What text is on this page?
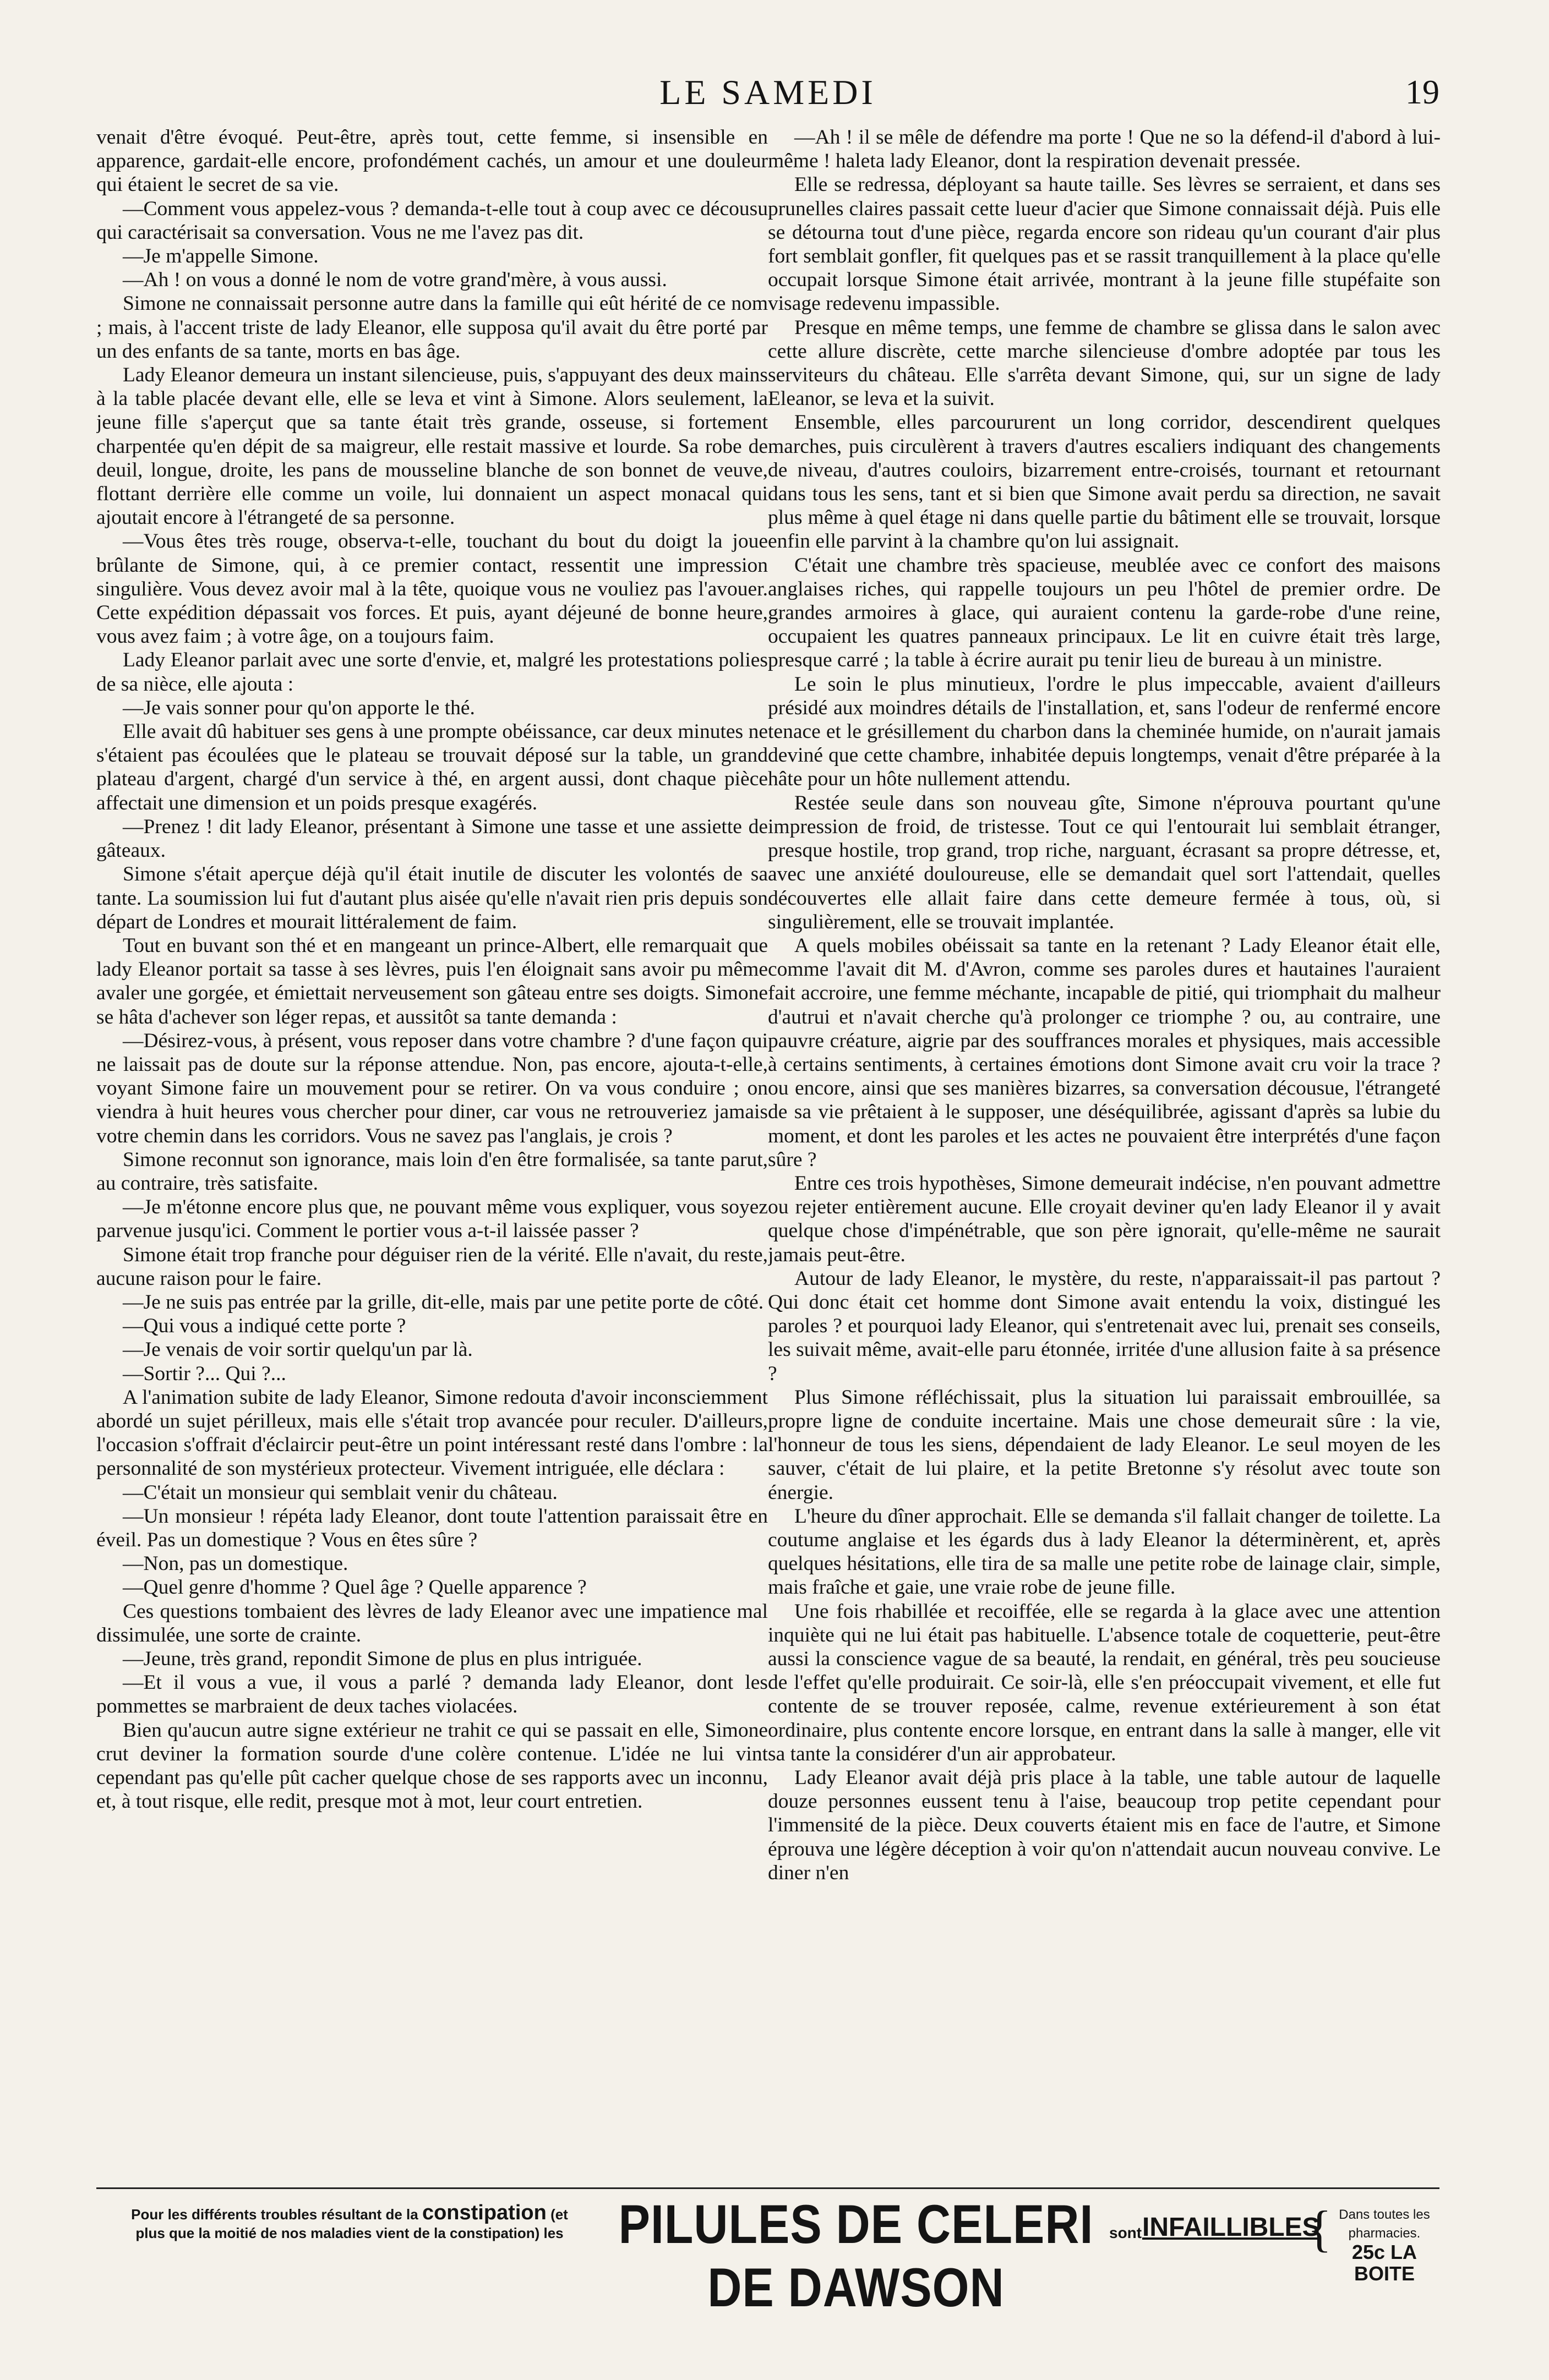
LE SAMEDI	19

venait d'être évoqué. Peut-être, après tout, cette femme, si insensible en apparence, gardait-elle encore, profondément cachés, un amour et une douleur qui étaient le secret de sa vie.

—Comment vous appelez-vous ? demanda-t-elle tout à coup avec ce décousu qui caractérisait sa conversation. Vous ne me l'avez pas dit.

—Je m'appelle Simone.

—Ah ! on vous a donné le nom de votre grand'mère, à vous aussi.

Simone ne connaissait personne autre dans la famille qui eût hérité de ce nom ; mais, à l'accent triste de lady Eleanor, elle supposa qu'il avait du être porté par un des enfants de sa tante, morts en bas âge.

Lady Eleanor demeura un instant silencieuse, puis, s'appuyant des deux mains à la table placée devant elle, elle se leva et vint à Simone. Alors seulement, la jeune fille s'aperçut que sa tante était très grande, osseuse, si fortement charpentée qu'en dépit de sa maigreur, elle restait massive et lourde. Sa robe de deuil, longue, droite, les pans de mousseline blanche de son bonnet de veuve, flottant derrière elle comme un voile, lui donnaient un aspect monacal qui ajoutait encore à l'étrangeté de sa personne.

—Vous êtes très rouge, observa-t-elle, touchant du bout du doigt la joue brûlante de Simone, qui, à ce premier contact, ressentit une impression singulière. Vous devez avoir mal à la tête, quoique vous ne vouliez pas l'avouer. Cette expédition dépassait vos forces. Et puis, ayant déjeuné de bonne heure, vous avez faim ; à votre âge, on a toujours faim.

Lady Eleanor parlait avec une sorte d'envie, et, malgré les protestations polies de sa nièce, elle ajouta :

—Je vais sonner pour qu'on apporte le thé.

Elle avait dû habituer ses gens à une prompte obéissance, car deux minutes ne s'étaient pas écoulées que le plateau se trouvait déposé sur la table, un grand plateau d'argent, chargé d'un service à thé, en argent aussi, dont chaque pièce affectait une dimension et un poids presque exagérés.

—Prenez ! dit lady Eleanor, présentant à Simone une tasse et une assiette de gâteaux.

Simone s'était aperçue déjà qu'il était inutile de discuter les volontés de sa tante. La soumission lui fut d'autant plus aisée qu'elle n'avait rien pris depuis son départ de Londres et mourait littéralement de faim.

Tout en buvant son thé et en mangeant un prince-Albert, elle remarquait que lady Eleanor portait sa tasse à ses lèvres, puis l'en éloignait sans avoir pu même avaler une gorgée, et émiettait nerveusement son gâteau entre ses doigts. Simone se hâta d'achever son léger repas, et aussitôt sa tante demanda :

—Désirez-vous, à présent, vous reposer dans votre chambre ? d'une façon qui ne laissait pas de doute sur la réponse attendue. Non, pas encore, ajouta-t-elle, voyant Simone faire un mouvement pour se retirer. On va vous conduire ; on viendra à huit heures vous chercher pour diner, car vous ne retrouveriez jamais votre chemin dans les corridors. Vous ne savez pas l'anglais, je crois ?

Simone reconnut son ignorance, mais loin d'en être formalisée, sa tante parut, au contraire, très satisfaite.

—Je m'étonne encore plus que, ne pouvant même vous expliquer, vous soyez parvenue jusqu'ici. Comment le portier vous a-t-il laissée passer ?

Simone était trop franche pour déguiser rien de la vérité. Elle n'avait, du reste, aucune raison pour le faire.

—Je ne suis pas entrée par la grille, dit-elle, mais par une petite porte de côté.

—Qui vous a indiqué cette porte ?

—Je venais de voir sortir quelqu'un par là.

—Sortir ?... Qui ?...

A l'animation subite de lady Eleanor, Simone redouta d'avoir inconsciemment abordé un sujet périlleux, mais elle s'était trop avancée pour reculer. D'ailleurs, l'occasion s'offrait d'éclaircir peut-être un point intéressant resté dans l'ombre : la personnalité de son mystérieux protecteur. Vivement intriguée, elle déclara :

—C'était un monsieur qui semblait venir du château.

—Un monsieur ! répéta lady Eleanor, dont toute l'attention paraissait être en éveil. Pas un domestique ? Vous en êtes sûre ?

—Non, pas un domestique.

—Quel genre d'homme ? Quel âge ? Quelle apparence ?

Ces questions tombaient des lèvres de lady Eleanor avec une impatience mal dissimulée, une sorte de crainte.

—Jeune, très grand, repondit Simone de plus en plus intriguée.

—Et il vous a vue, il vous a parlé ? demanda lady Eleanor, dont les pommettes se marbraient de deux taches violacées.

Bien qu'aucun autre signe extérieur ne trahit ce qui se passait en elle, Simone crut deviner la formation sourde d'une colère contenue. L'idée ne lui vint cependant pas qu'elle pût cacher quelque chose de ses rapports avec un inconnu, et, à tout risque, elle redit, presque mot à mot, leur court entretien.

—Ah ! il se mêle de défendre ma porte ! Que ne so la défend-il d'abord à lui-même ! haleta lady Eleanor, dont la respiration devenait pressée.

Elle se redressa, déployant sa haute taille. Ses lèvres se serraient, et dans ses prunelles claires passait cette lueur d'acier que Simone connaissait déjà. Puis elle se détourna tout d'une pièce, regarda encore son rideau qu'un courant d'air plus fort semblait gonfler, fit quelques pas et se rassit tranquillement à la place qu'elle occupait lorsque Simone était arrivée, montrant à la jeune fille stupéfaite son visage redevenu impassible.

Presque en même temps, une femme de chambre se glissa dans le salon avec cette allure discrète, cette marche silencieuse d'ombre adoptée par tous les serviteurs du château. Elle s'arrêta devant Simone, qui, sur un signe de lady Eleanor, se leva et la suivit.

Ensemble, elles parcoururent un long corridor, descendirent quelques marches, puis circulèrent à travers d'autres escaliers indiquant des changements de niveau, d'autres couloirs, bizarrement entre-croisés, tournant et retournant dans tous les sens, tant et si bien que Simone avait perdu sa direction, ne savait plus même à quel étage ni dans quelle partie du bâtiment elle se trouvait, lorsque enfin elle parvint à la chambre qu'on lui assignait.

C'était une chambre très spacieuse, meublée avec ce confort des maisons anglaises riches, qui rappelle toujours un peu l'hôtel de premier ordre. De grandes armoires à glace, qui auraient contenu la garde-robe d'une reine, occupaient les quatres panneaux principaux. Le lit en cuivre était très large, presque carré ; la table à écrire aurait pu tenir lieu de bureau à un ministre.

Le soin le plus minutieux, l'ordre le plus impeccable, avaient d'ailleurs présidé aux moindres détails de l'installation, et, sans l'odeur de renfermé encore tenace et le grésillement du charbon dans la cheminée humide, on n'aurait jamais deviné que cette chambre, inhabitée depuis longtemps, venait d'être préparée à la hâte pour un hôte nullement attendu.

Restée seule dans son nouveau gîte, Simone n'éprouva pourtant qu'une impression de froid, de tristesse. Tout ce qui l'entourait lui semblait étranger, presque hostile, trop grand, trop riche, narguant, écrasant sa propre détresse, et, avec une anxiété douloureuse, elle se demandait quel sort l'attendait, quelles découvertes elle allait faire dans cette demeure fermée à tous, où, si singulièrement, elle se trouvait implantée.

A quels mobiles obéissait sa tante en la retenant ? Lady Eleanor était elle, comme l'avait dit M. d'Avron, comme ses paroles dures et hautaines l'auraient fait accroire, une femme méchante, incapable de pitié, qui triomphait du malheur d'autrui et n'avait cherche qu'à prolonger ce triomphe ? ou, au contraire, une pauvre créature, aigrie par des souffrances morales et physiques, mais accessible à certains sentiments, à certaines émotions dont Simone avait cru voir la trace ? ou encore, ainsi que ses manières bizarres, sa conversation décousue, l'étrangeté de sa vie prêtaient à le supposer, une déséquilibrée, agissant d'après sa lubie du moment, et dont les paroles et les actes ne pouvaient être interprétés d'une façon sûre ?

Entre ces trois hypothèses, Simone demeurait indécise, n'en pouvant admettre ou rejeter entièrement aucune. Elle croyait deviner qu'en lady Eleanor il y avait quelque chose d'impénétrable, que son père ignorait, qu'elle-même ne saurait jamais peut-être.

Autour de lady Eleanor, le mystère, du reste, n'apparaissait-il pas partout ? Qui donc était cet homme dont Simone avait entendu la voix, distingué les paroles ? et pourquoi lady Eleanor, qui s'entretenait avec lui, prenait ses conseils, les suivait même, avait-elle paru étonnée, irritée d'une allusion faite à sa présence ?

Plus Simone réfléchissait, plus la situation lui paraissait embrouillée, sa propre ligne de conduite incertaine. Mais une chose demeurait sûre : la vie, l'honneur de tous les siens, dépendaient de lady Eleanor. Le seul moyen de les sauver, c'était de lui plaire, et la petite Bretonne s'y résolut avec toute son énergie.

L'heure du dîner approchait. Elle se demanda s'il fallait changer de toilette. La coutume anglaise et les égards dus à lady Eleanor la déterminèrent, et, après quelques hésitations, elle tira de sa malle une petite robe de lainage clair, simple, mais fraîche et gaie, une vraie robe de jeune fille.

Une fois rhabillée et recoiffée, elle se regarda à la glace avec une attention inquiète qui ne lui était pas habituelle. L'absence totale de coquetterie, peut-être aussi la conscience vague de sa beauté, la rendait, en général, très peu soucieuse de l'effet qu'elle produirait. Ce soir-là, elle s'en préoccupait vivement, et elle fut contente de se trouver reposée, calme, revenue extérieurement à son état ordinaire, plus contente encore lorsque, en entrant dans la salle à manger, elle vit sa tante la considérer d'un air approbateur.

Lady Eleanor avait déjà pris place à la table, une table autour de laquelle douze personnes eussent tenu à l'aise, beaucoup trop petite cependant pour l'immensité de la pièce. Deux couverts étaient mis en face de l'autre, et Simone éprouva une légère déception à voir qu'on n'attendait aucun nouveau convive. Le diner n'en

Pour les différents troubles résultant de la constipation (et
plus que la moitié de nos maladies vient de la constipation) les	PILULES DE CELERI DE DAWSON
sont INFAILLIBLES
{ Dans toutes les pharmacies.
25c LA BOITE
